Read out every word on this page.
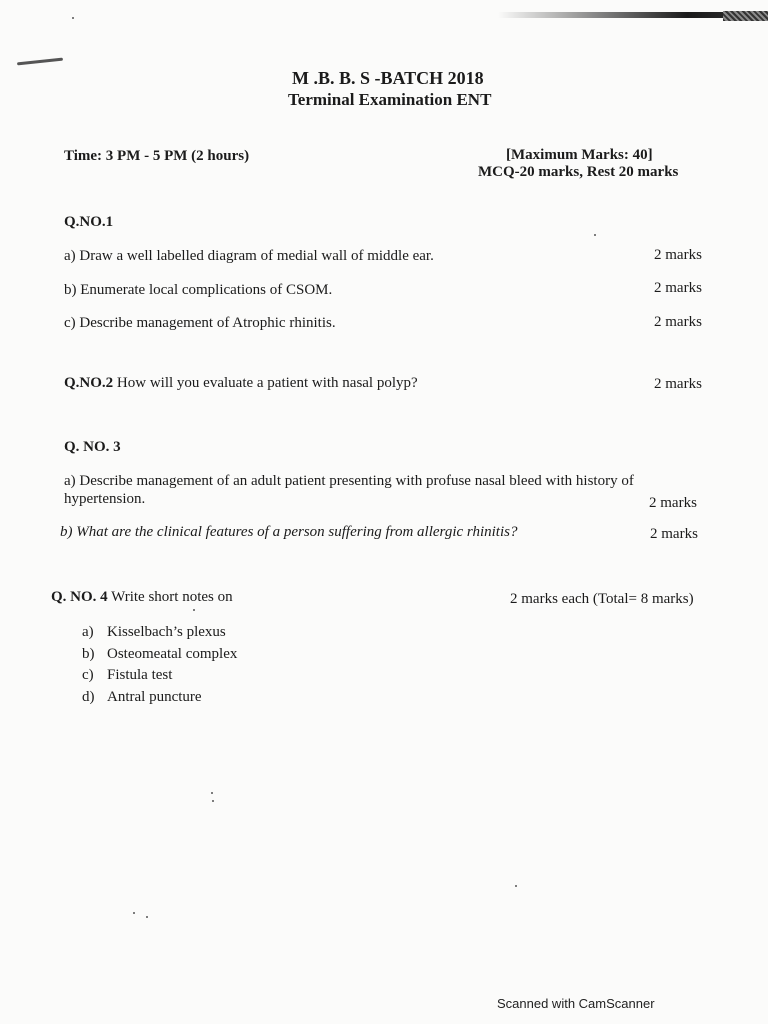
M .B. B. S -BATCH 2018
Terminal Examination ENT
Time: 3 PM - 5 PM (2 hours)	[Maximum Marks: 40]
MCQ-20 marks, Rest 20 marks
Q.NO.1
a) Draw a well labelled diagram of medial wall of middle ear.	2 marks
b) Enumerate local complications of CSOM.	2 marks
c) Describe management of Atrophic rhinitis.	2 marks
Q.NO.2 How will you evaluate a patient with nasal polyp?	2 marks
Q. NO. 3
a) Describe management of an adult patient presenting with profuse nasal bleed with history of
hypertension.	2 marks
b) What are the clinical features of a person suffering from allergic rhinitis?	2 marks
Q. NO. 4 Write short notes on	2 marks each (Total= 8 marks)
a) Kisselbach’s plexus
b) Osteomeatal complex
c) Fistula test
d) Antral puncture
Scanned with CamScanner
